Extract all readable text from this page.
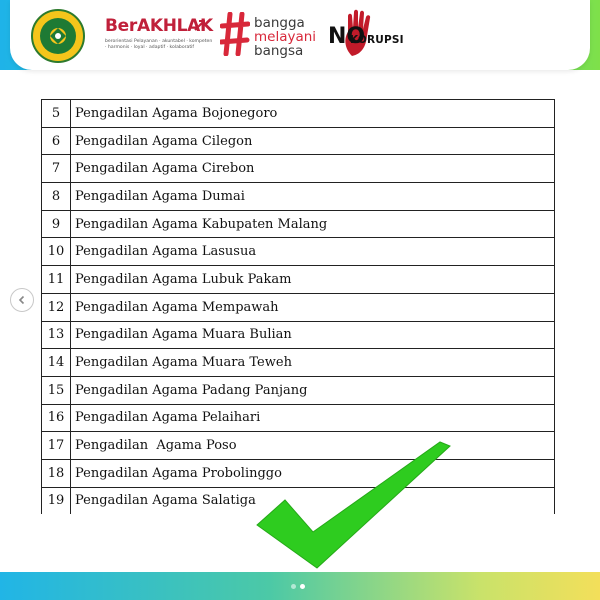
BerAKHLAK
berorientasi Pelayanan · akuntabel · kompeten · harmonis · loyal · adaptif · kolaboratif
bangga
melayani
bangsa
NO
KORUPSI
5	Pengadilan Agama Bojonegoro
6	Pengadilan Agama Cilegon
7	Pengadilan Agama Cirebon
8	Pengadilan Agama Dumai
9	Pengadilan Agama Kabupaten Malang
10	Pengadilan Agama Lasusua
11	Pengadilan Agama Lubuk Pakam
12	Pengadilan Agama Mempawah
13	Pengadilan Agama Muara Bulian
14	Pengadilan Agama Muara Teweh
15	Pengadilan Agama Padang Panjang
16	Pengadilan Agama Pelaihari
17	Pengadilan  Agama Poso
18	Pengadilan Agama Probolinggo
19	Pengadilan Agama Salatiga
